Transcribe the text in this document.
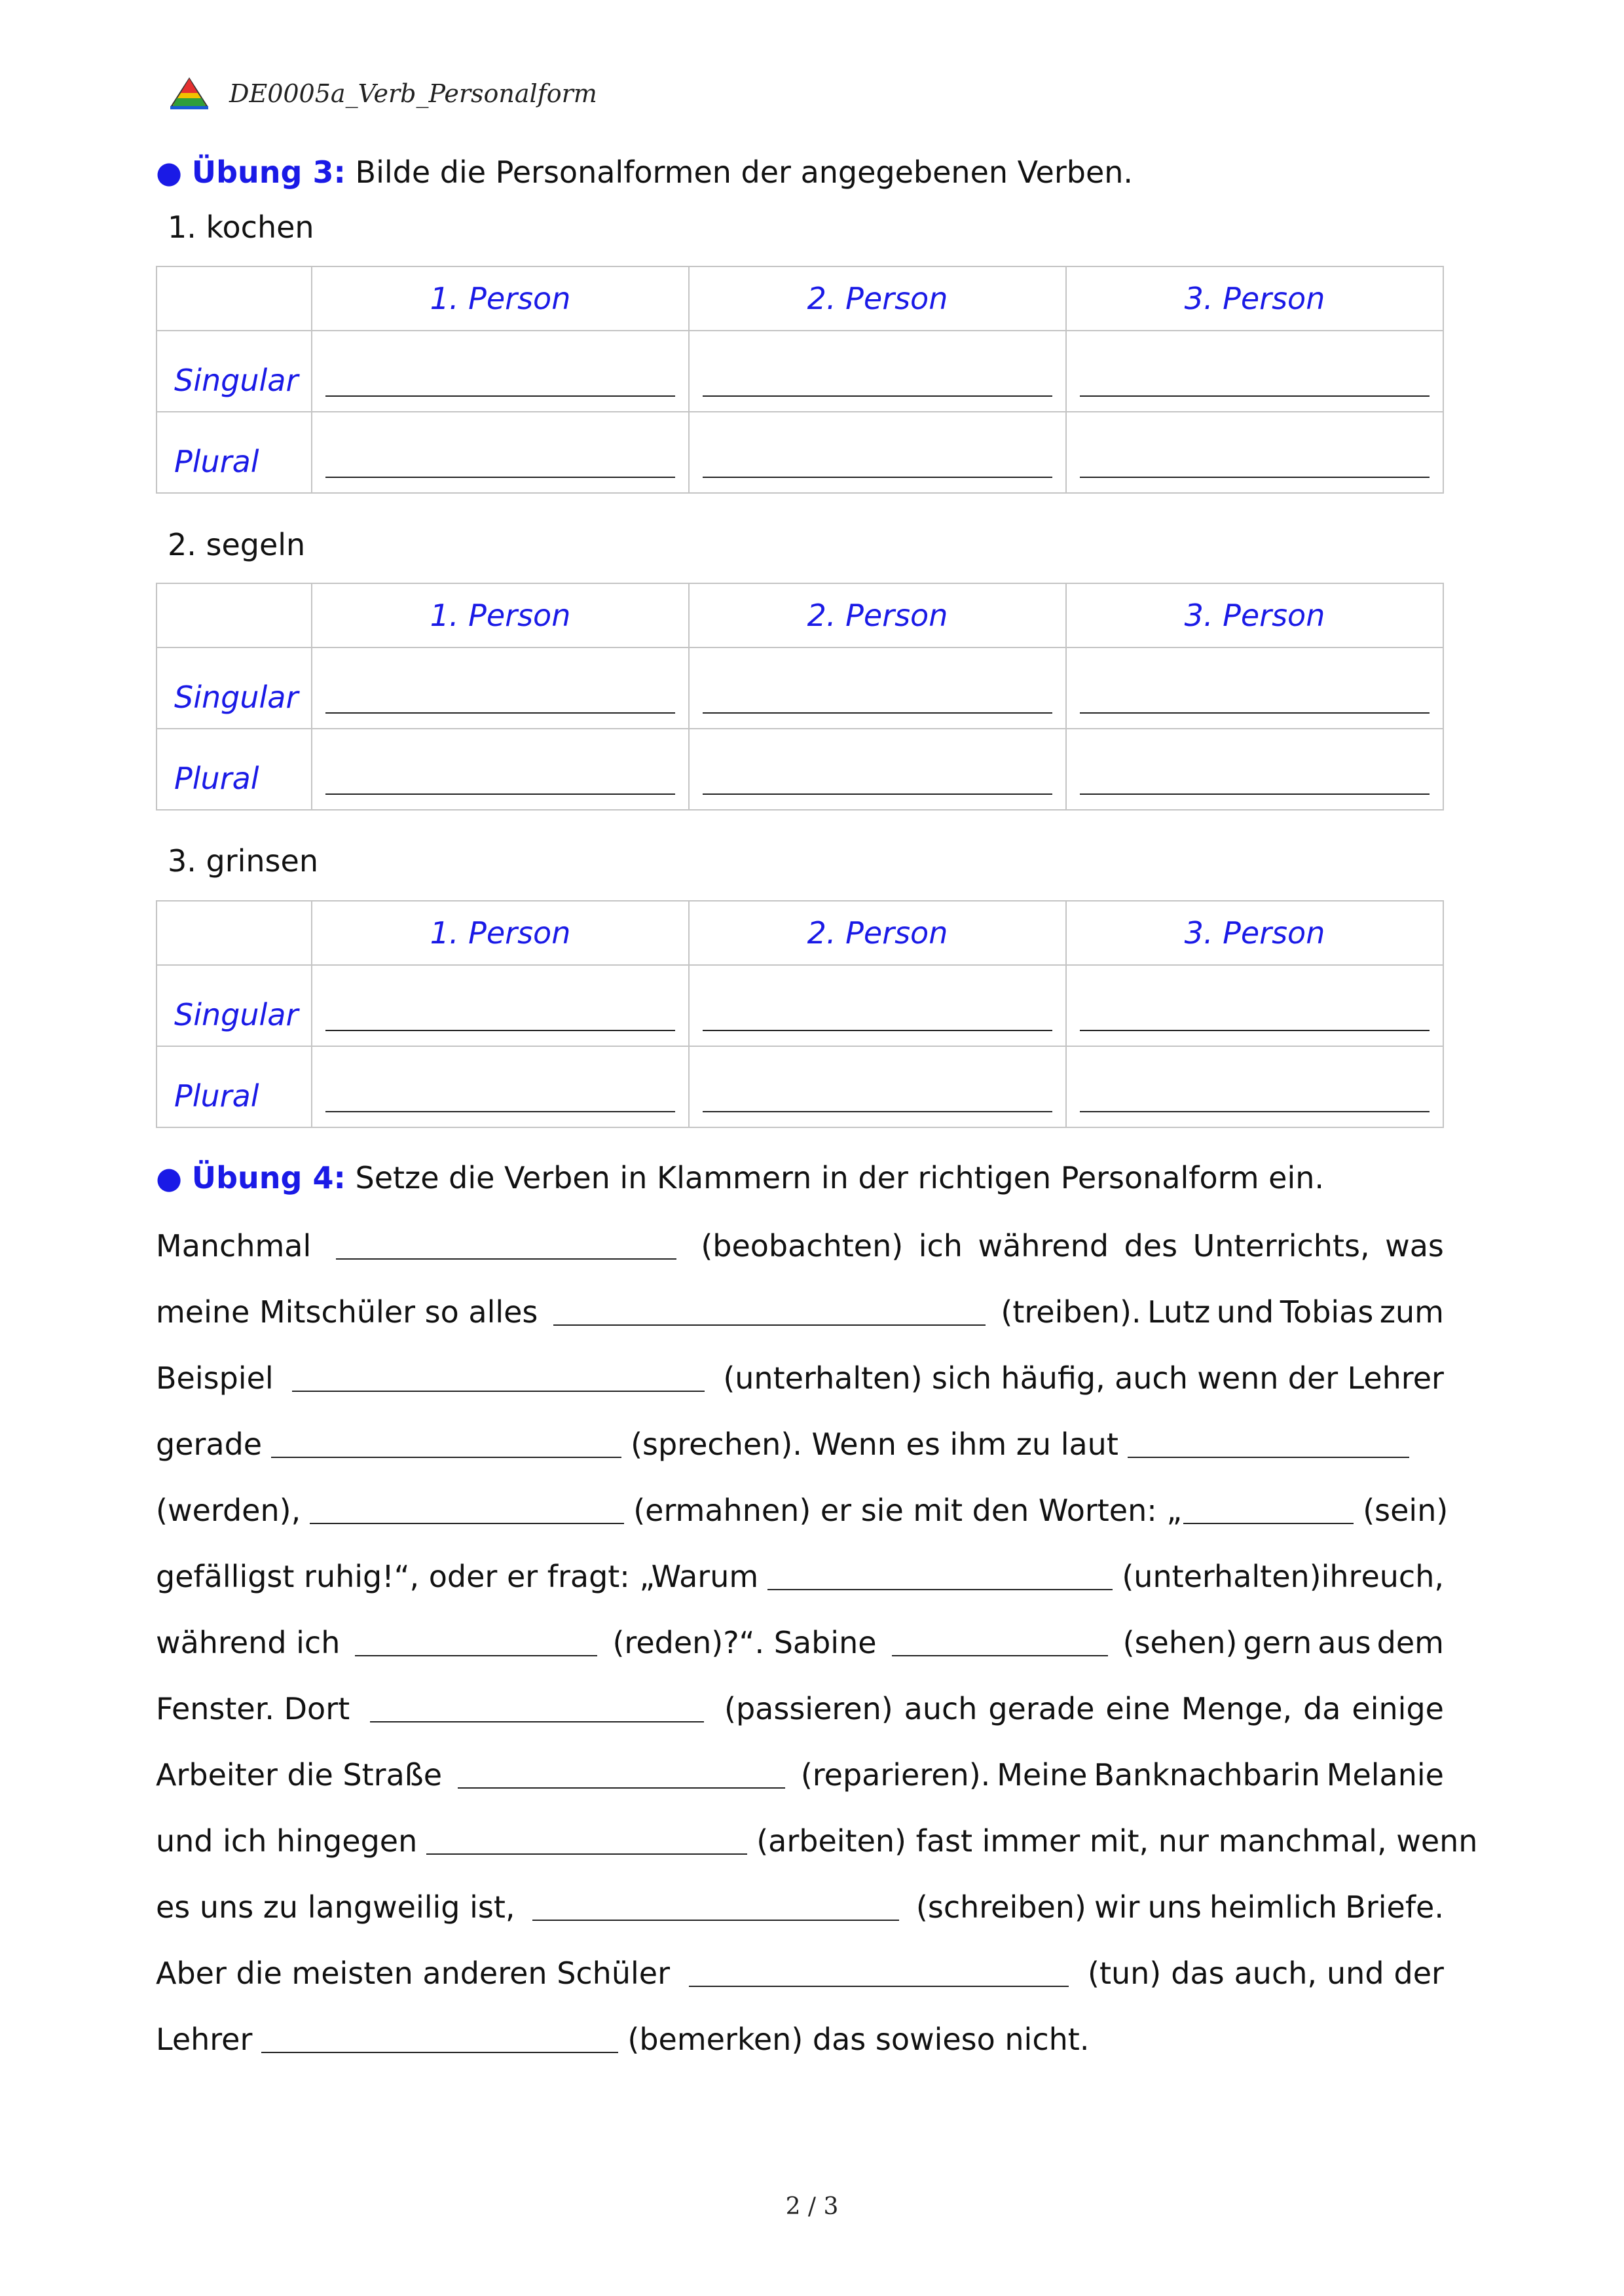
DE0005a_Verb_Personalform
● Übung 3: Bilde die Personalformen der angegebenen Verben.
1. kochen

	1. Person	2. Person	3. Person

Singular			

Plural			

2. segeln

	1. Person	2. Person	3. Person

Singular			

Plural			

3. grinsen

	1. Person	2. Person	3. Person

Singular			

Plural			

● Übung 4: Setze die Verben in Klammern in der richtigen Personalform ein.
Manchmal	(beobachten) ich während des Unterrichts, was
meine Mitschüler so alles	(treiben). Lutz und Tobias zum
Beispiel	(unterhalten) sich häufig, auch wenn der Lehrer
gerade	(sprechen). Wenn es ihm zu laut
(werden),	(ermahnen) er sie mit den Worten: „	(sein)
gefälligst ruhig!“, oder er fragt: „Warum	(unterhalten) ihr euch,
während ich	(reden)?“. Sabine	(sehen) gern aus dem
Fenster. Dort	(passieren) auch gerade eine Menge, da einige
Arbeiter die Straße	(reparieren). Meine Banknachbarin Melanie
und ich hingegen	(arbeiten) fast immer mit, nur manchmal, wenn
es uns zu langweilig ist,	(schreiben) wir uns heimlich Briefe.
Aber die meisten anderen Schüler	(tun) das auch, und der
Lehrer	(bemerken) das sowieso nicht.
2 / 3
